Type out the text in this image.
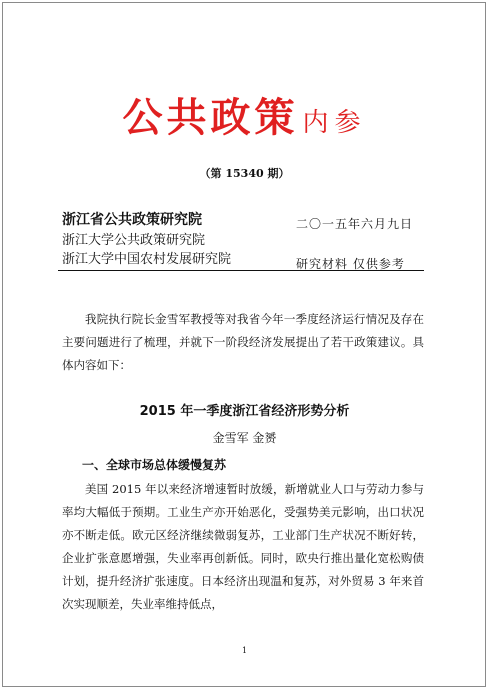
公共政策 内参
（第 15340 期）
浙江省公共政策研究院
浙江大学公共政策研究院
浙江大学中国农村发展研究院
二〇一五年六月九日
研究材料 仅供参考
我院执行院长金雪军教授等对我省今年一季度经济运行情况及存在主要问题进行了梳理，并就下一阶段经济发展提出了若干政策建议。具体内容如下：
2015 年一季度浙江省经济形势分析
金雪军 金赟
一、全球市场总体缓慢复苏
美国 2015 年以来经济增速暂时放缓，新增就业人口与劳动力参与率均大幅低于预期。工业生产亦开始恶化，受强势美元影响，出口状况亦不断走低。欧元区经济继续微弱复苏，工业部门生产状况不断好转，企业扩张意愿增强，失业率再创新低。同时，欧央行推出量化宽松购债计划，提升经济扩张速度。日本经济出现温和复苏，对外贸易 3 年来首次实现顺差，失业率维持低点，
1
